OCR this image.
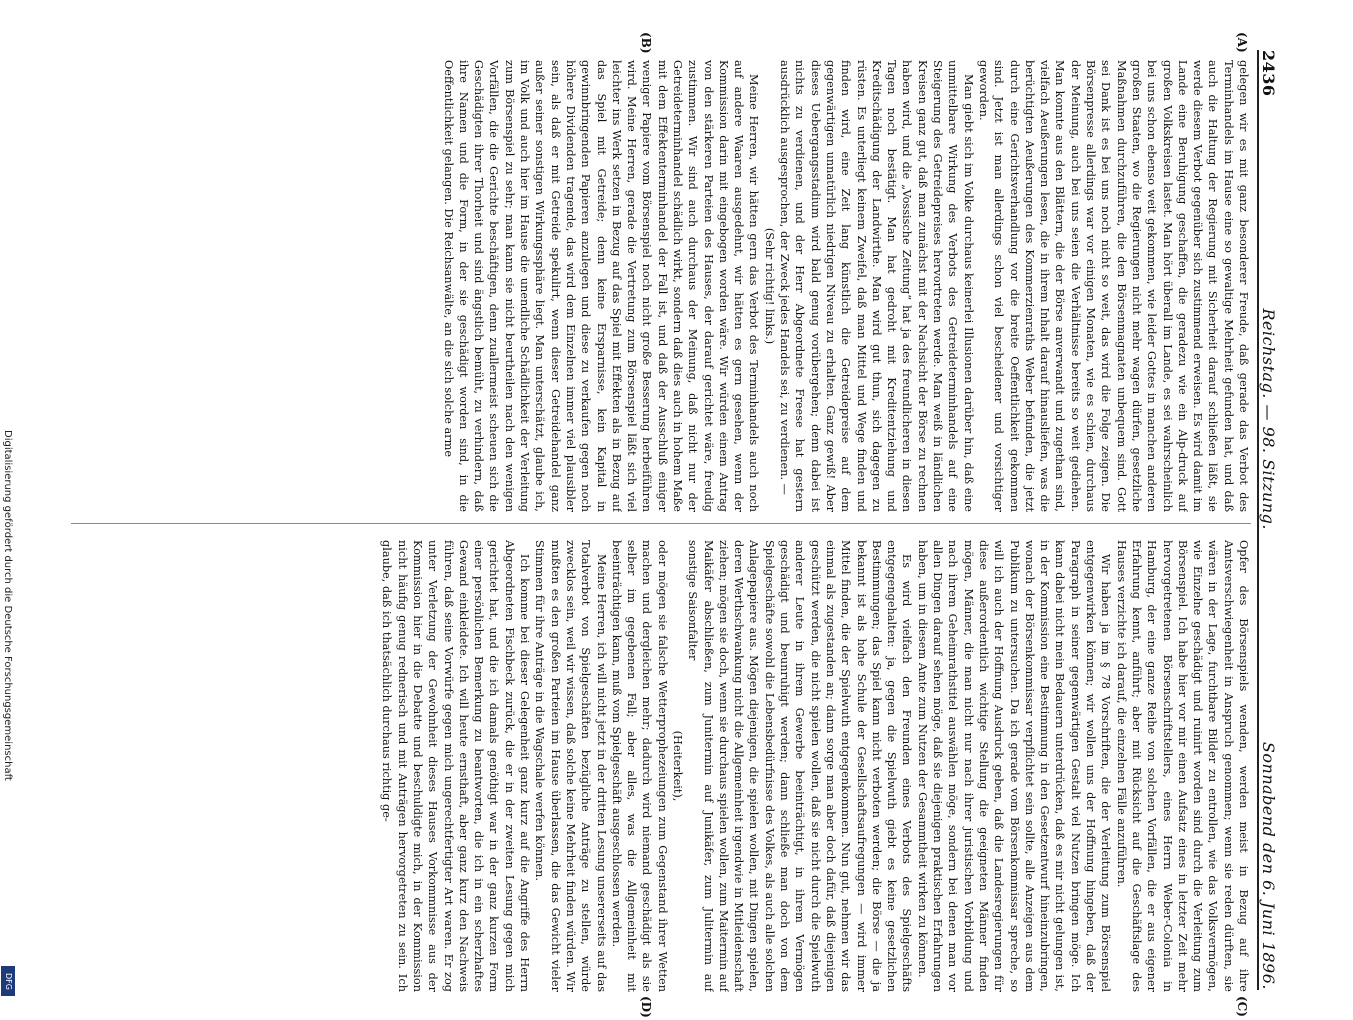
2436
Reichstag. — 98. Sitzung.
Sonnabend den 6. Juni 1896.
(A)
(B)
(C)
(D)

gelegen wir es mit ganz besonderer Freude, daß gerade das Verbot des Terminhandels im Hause eine so gewaltige Mehrheit gefunden hat, und daß auch die Haltung der Regierung mit Sicherheit darauf schließen läßt, sie werde diesem Verbot gegenüber sich zustimmend erweisen. Es wird damit im Lande eine Beruhigung geschaffen, die geradezu wie ein Alp-druck auf großen Volkskreisen lastet. Man hört überall im Lande, es sei wahrscheinlich bei uns schon ebenso weit gekommen, wie leider Gottes in manchen anderen großen Staaten, wo die Regierungen nicht mehr wagen dürfen, gesetzliche Maßnahmen durchzuführen, die den Börsenmagnaten unbequem sind. Gott sei Dank ist es bei uns noch nicht so weit, das wird die Folge zeigen. Die Börsenpresse allerdings war vor einigen Monaten, wie es schien, durchaus der Meinung, auch bei uns seien die Verhältnisse bereits so weit gediehen. Man konnte aus den Blättern, die der Börse anverwandt und zugethan sind, vielfach Aeußerungen lesen, die in ihrem Inhalt darauf hinausliefen, was die berüchtigten Aeußerungen des Kommerzienraths Weber befunden, die jetzt durch eine Gerichtsverhandlung vor die breite Oeffentlichkeit gekommen sind. Jetzt ist man allerdings schon viel bescheidener und vorsichtiger geworden.

Man giebt sich im Volke durchaus keinerlei Illusionen darüber hin, daß eine unmittelbare Wirkung des Verbots des Getreideterminhandels auf eine Steigerung des Getreidepreises hervortreten werde. Man weiß in ländlichen Kreisen ganz gut, daß man zunächst mit der Nachsicht der Börse zu rechnen haben wird, und die „Vossische Zeitung“ hat ja des freundlicheren in diesen Tagen noch bestätigt. Man hat gedroht mit Kreditentziehung und Kreditschädigung der Landwirthe. Man wird gut thun, sich dagegen zu rüsten. Es unterliegt keinem Zweifel, daß man Mittel und Wege finden und finden wird, eine Zeit lang künstlich die Getreidepreise auf dem gegenwärtigen unnatürlich niedrigen Niveau zu erhalten. Ganz gewiß! Aber dieses Uebergangsstadium wird bald genug vorübergehen; denn dabei ist nichts zu verdienen, und der Herr Abgeordnete Freese hat gestern ausdrücklich ausgesprochen, der Zweck jedes Handels sei, zu verdienen. —

(Sehr richtig! links.)

Meine Herren, wir hätten gern das Verbot des Terminhandels auch noch auf andere Waaren ausgedehnt, wir hätten es gern gesehen, wenn der Kommission darin mit eingebogen worden wäre. Wir würden einem Antrag von den stärkeren Parteien des Hauses, der darauf gerichtet wäre, freudig zustimmen. Wir sind auch durchaus der Meinung, daß nicht nur der Getreideterminhandel schädlich wirkt, sondern daß dies auch in hohem Maße mit dem Effektenterminhandel der Fall ist, und daß der Ausschluß einiger weniger Papiere vom Börsenspiel noch nicht große Besserung herbeiführen wird. Meine Herren, gerade die Vertretung zum Börsenspiel läßt sich viel leichter ins Werk setzen in Bezug auf das Spiel mit Effekten als in Bezug auf das Spiel mit Getreide; denn keine Ersparnisse, kein Kapital in gewinnbringenden Papieren anzulegen und diese zu verkaufen gegen noch höhere Dividenden tragende, das wird dem Einzelnen immer viel plausibler sein, als daß er mit Getreide spekulirt, wenn dieser Getreidehandel ganz außer seiner sonstigen Wirkungssphäre liegt. Man unterschätzt, glaube ich, im Volk und auch hier im Hause die unendliche Schädlichkeit der Verleitung zum Börsenspiel zu sehr; man kann sie nicht beurtheilen nach den wenigen Vorfällen, die die Gerichte beschäftigen, denn zuallermeist scheuen sich die Geschädigten ihrer Thorheit und sind ängstlich bemüht, zu verhindern, daß ihre Namen und die Form, in der sie geschädigt worden sind, in die Oeffentlichkeit gelangen. Die Reichsanwälte, an die sich solche arme

Opfer des Börsenspiels wenden, werden meist in Bezug auf ihre Amtsverschwiegenheit in Anspruch genommen; wenn sie reden dürften, sie wären in der Lage, furchtbare Bilder zu entrollen, wie das Volksvermögen, wie Einzelne geschädigt und ruinirt worden sind durch die Verleitung zum Börsenspiel. Ich habe hier vor mir einen Aufsatz eines in letzter Zeit mehr hervorgetretenen Börsenschriftstellers, eines Herrn Weber-Colonia in Hamburg, der eine ganze Reihe von solchen Vorfällen, die er aus eigener Erfahrung kennt, anführt; aber mit Rücksicht auf die Geschäftslage des Hauses verzichte ich darauf, die einzelnen Fälle anzuführen.

Wir haben ja im § 78 Vorschriften, die der Verleitung zum Börsenspiel entgegenwirken können; wir wollen uns der Hoffnung hingeben, daß der Paragraph in seiner gegenwärtigen Gestalt viel Nutzen bringen möge. Ich kann dabei nicht mein Bedauern unterdrücken, daß es mir nicht gelungen ist, in der Kommission eine Bestimmung in den Gesetzentwurf hineinzubringen, wonach der Börsenkommissar verpflichtet sein sollte, alle Anzeigen aus dem Publikum zu untersuchen. Da ich gerade vom Börsenkommissar spreche, so will ich auch der Hoffnung Ausdruck geben, daß die Landesregierungen für diese außerordentlich wichtige Stellung die geeigneten Männer finden mögen, Männer, die man nicht nur nach ihrer juristischen Vorbildung und nach ihrem Geheimrathstitel auswählen möge, sondern bei denen man vor allen Dingen darauf sehen möge, daß sie diejenigen praktischen Erfahrungen haben, um in diesem Amte zum Nutzen der Gesammtheit wirken zu können.

Es wird vielfach den Freunden eines Verbots des Spielgeschäfts entgegengehalten: ja, gegen die Spielwuth giebt es keine gesetzlichen Bestimmungen; das Spiel kann nicht verboten werden; die Börse — die ja bekannt ist als hohe Schule der Gesellschaftsaufregungen — wird immer Mittel finden, die der Spielwuth entgegenkommen. Nun gut, nehmen wir das einmal als zugestanden an; dann sorge man aber doch dafür, daß diejenigen geschützt werden, die nicht spielen wollen, daß sie nicht durch die Spielwuth anderer Leute in ihrem Gewerbe beeinträchtigt, in ihrem Vermögen geschädigt und beunruhigt werden; dann schließe man doch von dem Spielgeschäfte sowohl die Lebensbedürfnisse des Volkes, als auch alle solchen Anlagepapiere aus. Mögen diejenigen, die spielen wollen, mit Dingen spielen, deren Werthschwankung nicht die Allgemeinheit irgendwie in Mitleidenschaft ziehen; mögen sie doch, wenn sie durchaus spielen wollen, zum Maitermin auf Maikäfer abschließen, zum Junitermin auf Junikäfer, zum Julitermin auf sonstige Saisonfalter

(Heiterkeit),

oder mögen sie falsche Wetterprophezeiungen zum Gegenstand ihrer Wetten machen und dergleichen mehr; dadurch wird niemand geschädigt als sie selber im gegebenen Fall; aber alles, was die Allgemeinheit mit beeinträchtigen kann, muß vom Spielgeschäft ausgeschlossen werden.

Meine Herren, ich will nicht jetzt in der dritten Lesung unsererseits auf das Totalverbot von Spielgeschäften bezügliche Anträge zu stellen, würde zwecklos sein, weil wir wissen, daß solche keine Mehrheit finden würden. Wir mußten es den großen Parteien im Hause überlassen, die das Gewicht vieler Stimmen für ihre Anträge in die Wagschale werfen können.

Ich komme bei dieser Gelegenheit ganz kurz auf die Angriffe des Herrn Abgeordneten Fischbeck zurück, die er in der zweiten Lesung gegen mich gerichtet hat, und die ich damals genöthigt war in der ganz kurzen Form einer persönlichen Bemerkung zu beantworten, die ich in ein scherzhaftes Gewand einkleidete. Ich will heute ernsthaft, aber ganz kurz den Nachweis führen, daß seine Vorwürfe gegen mich ungerechtfertigter Art waren. Er zog unter Verletzung der Gewohnheit dieses Hauses Vorkommnisse aus der Kommission hier in die Debatte und beschuldigte mich, in der Kommission nicht häufig genug rednerisch und mit Anträgen hervorgetreten zu sein. Ich glaube, daß ich thatsächlich durchaus richtig ge-

Digitalisierung gefördert durch die Deutsche Forschungsgemeinschaft
DFG
